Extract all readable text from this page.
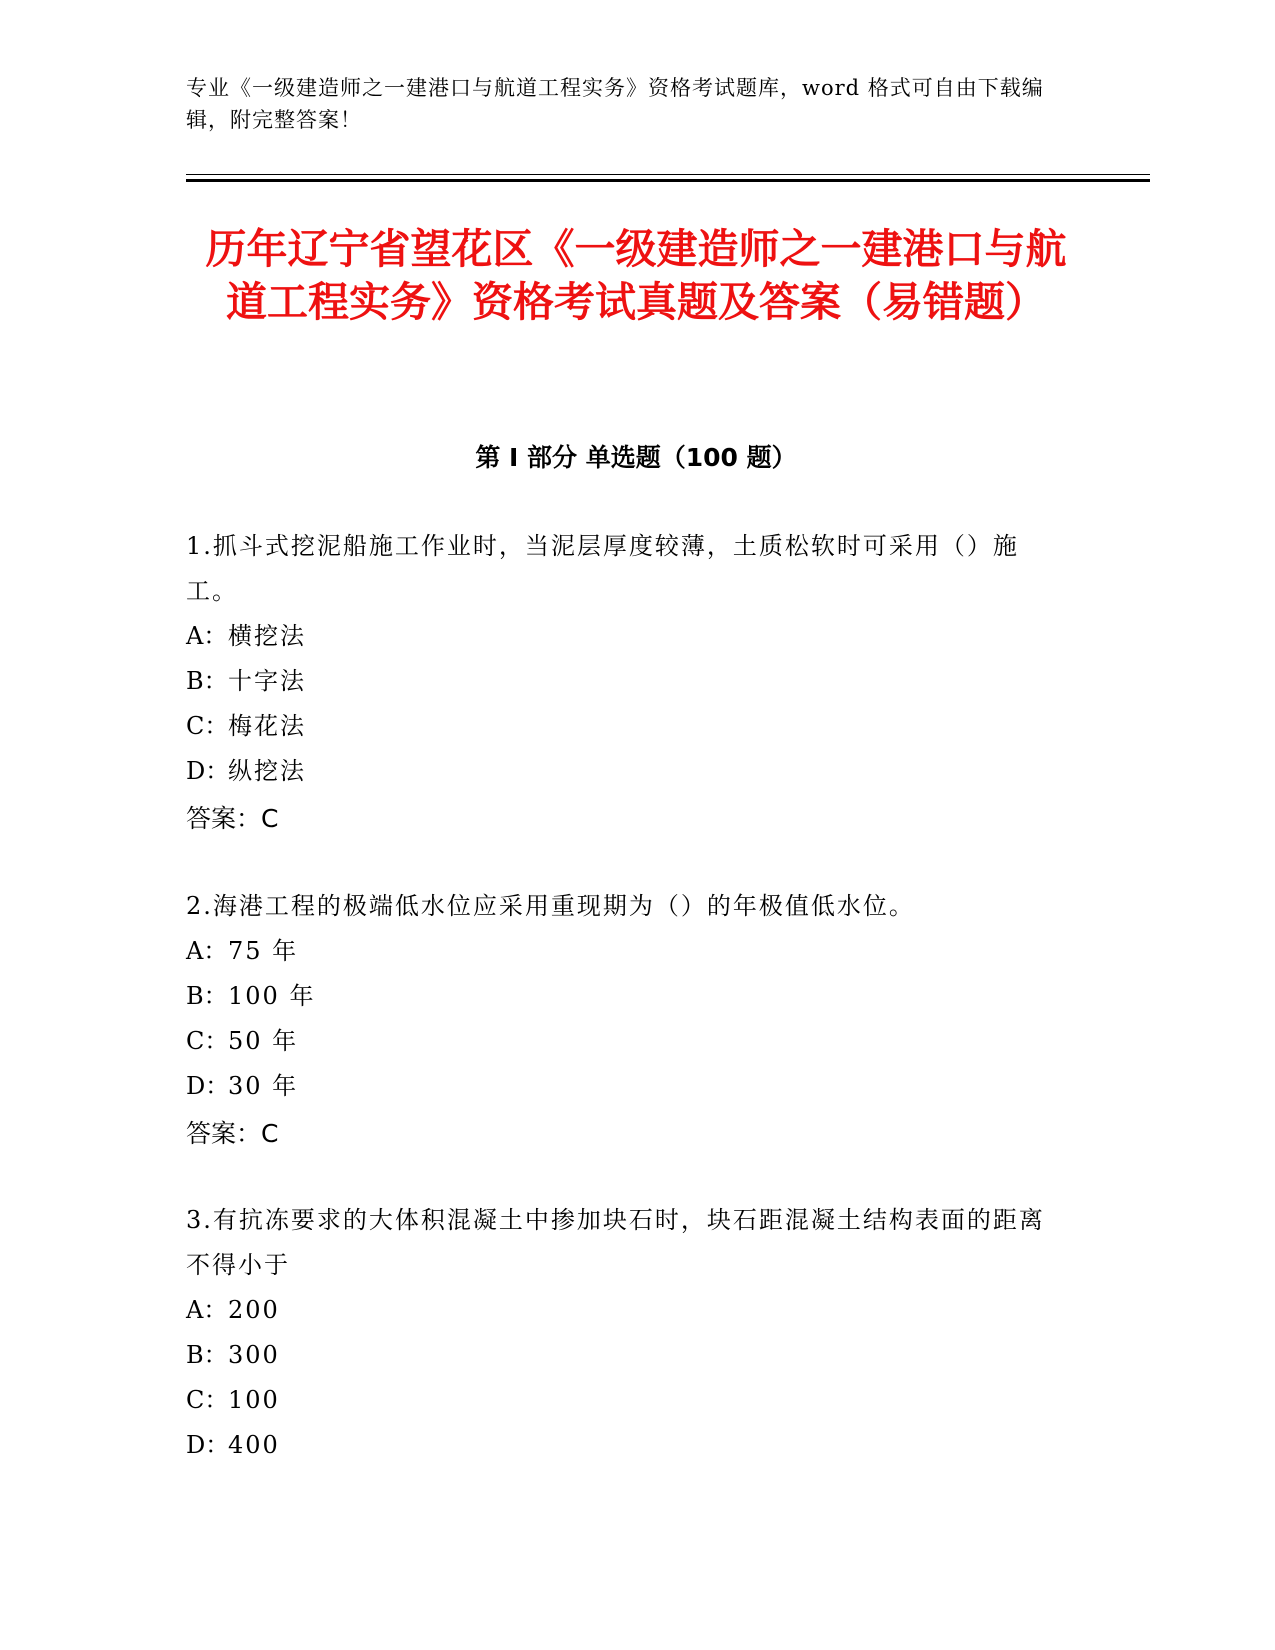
专业《一级建造师之一建港口与航道工程实务》资格考试题库，word 格式可自由下载编辑，附完整答案！
历年辽宁省望花区《一级建造师之一建港口与航道工程实务》资格考试真题及答案（易错题）
第 I 部分 单选题（100 题）
1.抓斗式挖泥船施工作业时，当泥层厚度较薄，土质松软时可采用（）施工。
A：横挖法
B：十字法
C：梅花法
D：纵挖法
答案：C
2.海港工程的极端低水位应采用重现期为（）的年极值低水位。
A：75 年
B：100 年
C：50 年
D：30 年
答案：C
3.有抗冻要求的大体积混凝土中掺加块石时，块石距混凝土结构表面的距离不得小于
A：200
B：300
C：100
D：400
